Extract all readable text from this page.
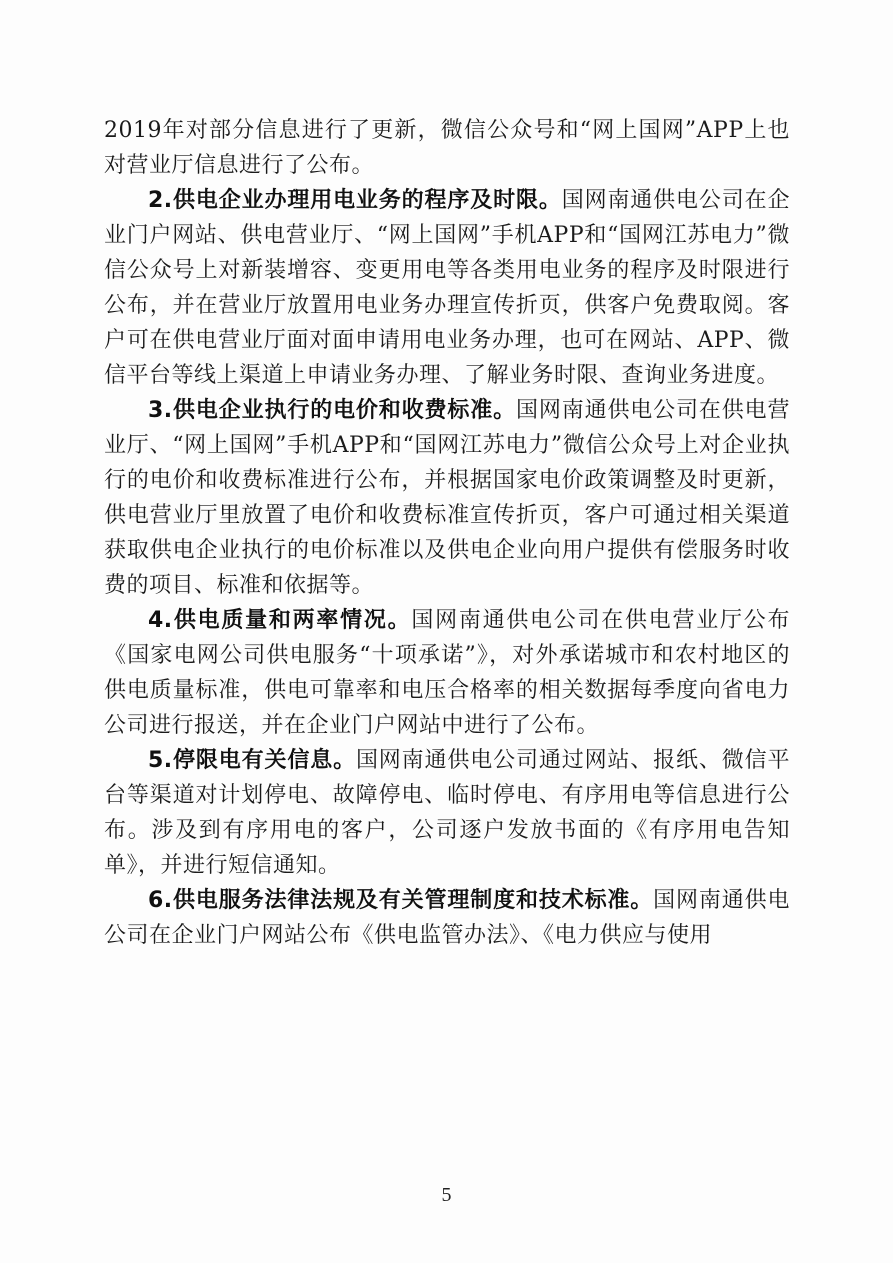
2019年对部分信息进行了更新，微信公众号和“网上国网”APP上也对营业厅信息进行了公布。

2.供电企业办理用电业务的程序及时限。国网南通供电公司在企业门户网站、供电营业厅、“网上国网”手机APP和“国网江苏电力”微信公众号上对新装增容、变更用电等各类用电业务的程序及时限进行公布，并在营业厅放置用电业务办理宣传折页，供客户免费取阅。客户可在供电营业厅面对面申请用电业务办理，也可在网站、APP、微信平台等线上渠道上申请业务办理、了解业务时限、查询业务进度。

3.供电企业执行的电价和收费标准。国网南通供电公司在供电营业厅、“网上国网”手机APP和“国网江苏电力”微信公众号上对企业执行的电价和收费标准进行公布，并根据国家电价政策调整及时更新，供电营业厅里放置了电价和收费标准宣传折页，客户可通过相关渠道获取供电企业执行的电价标准以及供电企业向用户提供有偿服务时收费的项目、标准和依据等。

4.供电质量和两率情况。国网南通供电公司在供电营业厅公布《国家电网公司供电服务“十项承诺”》，对外承诺城市和农村地区的供电质量标准，供电可靠率和电压合格率的相关数据每季度向省电力公司进行报送，并在企业门户网站中进行了公布。

5.停限电有关信息。国网南通供电公司通过网站、报纸、微信平台等渠道对计划停电、故障停电、临时停电、有序用电等信息进行公布。涉及到有序用电的客户，公司逐户发放书面的《有序用电告知单》，并进行短信通知。

6.供电服务法律法规及有关管理制度和技术标准。国网南通供电公司在企业门户网站公布《供电监管办法》、《电力供应与使用

5
